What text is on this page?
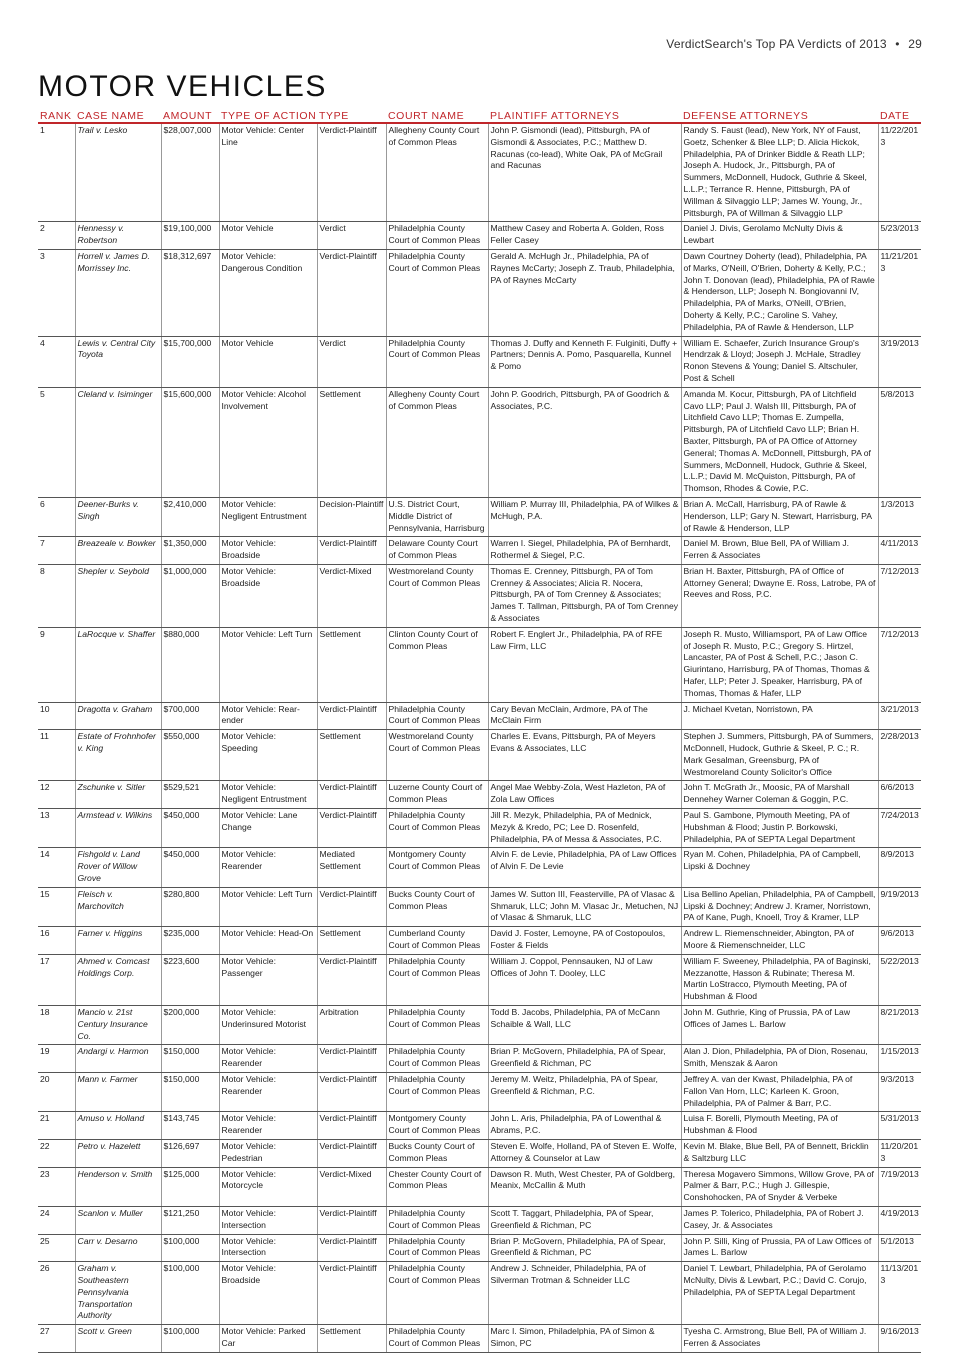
VerdictSearch's Top PA Verdicts of 2013 • 29
MOTOR VEHICLES
RANK	CASE NAME	AMOUNT	TYPE OF ACTION	TYPE	COURT NAME	PLAINTIFF ATTORNEYS	DEFENSE ATTORNEYS	DATE
1	Trail v. Lesko	$28,007,000	Motor Vehicle: Center Line	Verdict-Plaintiff	Allegheny County Court of Common Pleas	John P. Gismondi (lead), Pittsburgh, PA of Gismondi & Associates, P.C.; Matthew D. Racunas (co-lead), White Oak, PA of McGrail and Racunas	Randy S. Faust (lead), New York, NY of Faust, Goetz, Schenker & Blee LLP; D. Alicia Hickok, Philadelphia, PA of Drinker Biddle & Reath LLP; Joseph A. Hudock, Jr., Pittsburgh, PA of Summers, McDonnell, Hudock, Guthrie & Skeel, L.L.P.; Terrance R. Henne, Pittsburgh, PA of Willman & Silvaggio LLP; James W. Young, Jr., Pittsburgh, PA of Willman & Silvaggio LLP	11/22/2013
2	Hennessy v. Robertson	$19,100,000	Motor Vehicle	Verdict	Philadelphia County Court of Common Pleas	Matthew Casey and Roberta A. Golden, Ross Feller Casey	Daniel J. Divis, Gerolamo McNulty Divis & Lewbart	5/23/2013
3	Horrell v. James D. Morrissey Inc.	$18,312,697	Motor Vehicle: Dangerous Condition	Verdict-Plaintiff	Philadelphia County Court of Common Pleas	Gerald A. McHugh Jr., Philadelphia, PA of Raynes McCarty; Joseph Z. Traub, Philadelphia, PA of Raynes McCarty	Dawn Courtney Doherty (lead), Philadelphia, PA of Marks, O'Neill, O'Brien, Doherty & Kelly, P.C.; John T. Donovan (lead), Philadelphia, PA of Rawle & Henderson, LLP; Joseph N. Bongiovanni IV, Philadelphia, PA of Marks, O'Neill, O'Brien, Doherty & Kelly, P.C.; Caroline S. Vahey, Philadelphia, PA of Rawle & Henderson, LLP	11/21/2013
4	Lewis v. Central City Toyota	$15,700,000	Motor Vehicle	Verdict	Philadelphia County Court of Common Pleas	Thomas J. Duffy and Kenneth F. Fulginiti, Duffy + Partners; Dennis A. Pomo, Pasquarella, Kunnel & Pomo	William E. Schaefer, Zurich Insurance Group's Hendrzak & Lloyd; Joseph J. McHale, Stradley Ronon Stevens & Young; Daniel S. Altschuler, Post & Schell	3/19/2013
5	Cleland v. Isiminger	$15,600,000	Motor Vehicle: Alcohol Involvement	Settlement	Allegheny County Court of Common Pleas	John P. Goodrich, Pittsburgh, PA of Goodrich & Associates, P.C.	Amanda M. Kocur, Pittsburgh, PA of Litchfield Cavo LLP; Paul J. Walsh III, Pittsburgh, PA of Litchfield Cavo LLP; Thomas E. Zumpella, Pittsburgh, PA of Litchfield Cavo LLP; Brian H. Baxter, Pittsburgh, PA of PA Office of Attorney General; Thomas A. McDonnell, Pittsburgh, PA of Summers, McDonnell, Hudock, Guthrie & Skeel, L.L.P.; David M. McQuiston, Pittsburgh, PA of Thomson, Rhodes & Cowie, P.C.	5/8/2013
6	Deener-Burks v. Singh	$2,410,000	Motor Vehicle: Negligent Entrustment	Decision-Plaintiff	U.S. District Court, Middle District of Pennsylvania, Harrisburg	William P. Murray III, Philadelphia, PA of Wilkes & McHugh, P.A.	Brian A. McCall, Harrisburg, PA of Rawle & Henderson, LLP; Gary N. Stewart, Harrisburg, PA of Rawle & Henderson, LLP	1/3/2013
7	Breazeale v. Bowker	$1,350,000	Motor Vehicle: Broadside	Verdict-Plaintiff	Delaware County Court of Common Pleas	Warren I. Siegel, Philadelphia, PA of Bernhardt, Rothermel & Siegel, P.C.	Daniel M. Brown, Blue Bell, PA of William J. Ferren & Associates	4/11/2013
8	Shepler v. Seybold	$1,000,000	Motor Vehicle: Broadside	Verdict-Mixed	Westmoreland County Court of Common Pleas	Thomas E. Crenney, Pittsburgh, PA of Tom Crenney & Associates; Alicia R. Nocera, Pittsburgh, PA of Tom Crenney & Associates; James T. Tallman, Pittsburgh, PA of Tom Crenney & Associates	Brian H. Baxter, Pittsburgh, PA of Office of Attorney General; Dwayne E. Ross, Latrobe, PA of Reeves and Ross, P.C.	7/12/2013
9	LaRocque v. Shaffer	$880,000	Motor Vehicle: Left Turn	Settlement	Clinton County Court of Common Pleas	Robert F. Englert Jr., Philadelphia, PA of RFE Law Firm, LLC	Joseph R. Musto, Williamsport, PA of Law Office of Joseph R. Musto, P.C.; Gregory S. Hirtzel, Lancaster, PA of Post & Schell, P.C.; Jason C. Giurintano, Harrisburg, PA of Thomas, Thomas & Hafer, LLP; Peter J. Speaker, Harrisburg, PA of Thomas, Thomas & Hafer, LLP	7/12/2013
10	Dragotta v. Graham	$700,000	Motor Vehicle: Rear-ender	Verdict-Plaintiff	Philadelphia County Court of Common Pleas	Cary Bevan McClain, Ardmore, PA of The McClain Firm	J. Michael Kvetan, Norristown, PA	3/21/2013
11	Estate of Frohnhofer v. King	$550,000	Motor Vehicle: Speeding	Settlement	Westmoreland County Court of Common Pleas	Charles E. Evans, Pittsburgh, PA of Meyers Evans & Associates, LLC	Stephen J. Summers, Pittsburgh, PA of Summers, McDonnell, Hudock, Guthrie & Skeel, P. C.; R. Mark Gesalman, Greensburg, PA of Westmoreland County Solicitor's Office	2/28/2013
12	Zschunke v. Sitler	$529,521	Motor Vehicle: Negligent Entrustment	Verdict-Plaintiff	Luzerne County Court of Common Pleas	Angel Mae Webby-Zola, West Hazleton, PA of Zola Law Offices	John T. McGrath Jr., Moosic, PA of Marshall Dennehey Warner Coleman & Goggin, P.C.	6/6/2013
13	Armstead v. Wilkins	$450,000	Motor Vehicle: Lane Change	Verdict-Plaintiff	Philadelphia County Court of Common Pleas	Jill R. Mezyk, Philadelphia, PA of Mednick, Mezyk & Kredo, PC; Lee D. Rosenfeld, Philadelphia, PA of Messa & Associates, P.C.	Paul S. Gambone, Plymouth Meeting, PA of Hubshman & Flood; Justin P. Borkowski, Philadelphia, PA of SEPTA Legal Department	7/24/2013
14	Fishgold v. Land Rover of Willow Grove	$450,000	Motor Vehicle: Rearender	Mediated Settlement	Montgomery County Court of Common Pleas	Alvin F. de Levie, Philadelphia, PA of Law Offices of Alvin F. De Levie	Ryan M. Cohen, Philadelphia, PA of Campbell, Lipski & Dochney	8/9/2013
15	Fleisch v. Marchovitch	$280,800	Motor Vehicle: Left Turn	Verdict-Plaintiff	Bucks County Court of Common Pleas	James W. Sutton III, Feasterville, PA of Vlasac & Shmaruk, LLC; John M. Vlasac Jr., Metuchen, NJ of Vlasac & Shmaruk, LLC	Lisa Bellino Apelian, Philadelphia, PA of Campbell, Lipski & Dochney; Andrew J. Kramer, Norristown, PA of Kane, Pugh, Knoell, Troy & Kramer, LLP	9/19/2013
16	Farner v. Higgins	$235,000	Motor Vehicle: Head-On	Settlement	Cumberland County Court of Common Pleas	David J. Foster, Lemoyne, PA of Costopoulos, Foster & Fields	Andrew L. Riemenschneider, Abington, PA of Moore & Riemenschneider, LLC	9/6/2013
17	Ahmed v. Comcast Holdings Corp.	$223,600	Motor Vehicle: Passenger	Verdict-Plaintiff	Philadelphia County Court of Common Pleas	William J. Coppol, Pennsauken, NJ of Law Offices of John T. Dooley, LLC	William F. Sweeney, Philadelphia, PA of Baginski, Mezzanotte, Hasson & Rubinate; Theresa M. Martin LoStracco, Plymouth Meeting, PA of Hubshman & Flood	5/22/2013
18	Mancio v. 21st Century Insurance Co.	$200,000	Motor Vehicle: Underinsured Motorist	Arbitration	Philadelphia County Court of Common Pleas	Todd B. Jacobs, Philadelphia, PA of McCann Schaible & Wall, LLC	John M. Guthrie, King of Prussia, PA of Law Offices of James L. Barlow	8/21/2013
19	Andargi v. Harmon	$150,000	Motor Vehicle: Rearender	Verdict-Plaintiff	Philadelphia County Court of Common Pleas	Brian P. McGovern, Philadelphia, PA of Spear, Greenfield & Richman, PC	Alan J. Dion, Philadelphia, PA of Dion, Rosenau, Smith, Menszak & Aaron	1/15/2013
20	Mann v. Farmer	$150,000	Motor Vehicle: Rearender	Verdict-Plaintiff	Philadelphia County Court of Common Pleas	Jeremy M. Weitz, Philadelphia, PA of Spear, Greenfield & Richman, P.C.	Jeffrey A. van der Kwast, Philadelphia, PA of Fallon Van Horn, LLC; Karleen K. Groon, Philadelphia, PA of Palmer & Barr, P.C.	9/3/2013
21	Amuso v. Holland	$143,745	Motor Vehicle: Rearender	Verdict-Plaintiff	Montgomery County Court of Common Pleas	John L. Aris, Philadelphia, PA of Lowenthal & Abrams, P.C.	Luisa F. Borelli, Plymouth Meeting, PA of Hubshman & Flood	5/31/2013
22	Petro v. Hazelett	$126,697	Motor Vehicle: Pedestrian	Verdict-Plaintiff	Bucks County Court of Common Pleas	Steven E. Wolfe, Holland, PA of Steven E. Wolfe, Attorney & Counselor at Law	Kevin M. Blake, Blue Bell, PA of Bennett, Bricklin & Saltzburg LLC	11/20/2013
23	Henderson v. Smith	$125,000	Motor Vehicle: Motorcycle	Verdict-Mixed	Chester County Court of Common Pleas	Dawson R. Muth, West Chester, PA of Goldberg, Meanix, McCallin & Muth	Theresa Mogavero Simmons, Willow Grove, PA of Palmer & Barr, P.C.; Hugh J. Gillespie, Conshohocken, PA of Snyder & Verbeke	7/19/2013
24	Scanlon v. Muller	$121,250	Motor Vehicle: Intersection	Verdict-Plaintiff	Philadelphia County Court of Common Pleas	Scott T. Taggart, Philadelphia, PA of Spear, Greenfield & Richman, PC	James P. Tolerico, Philadelphia, PA of Robert J. Casey, Jr. & Associates	4/19/2013
25	Carr v. Desarno	$100,000	Motor Vehicle: Intersection	Verdict-Plaintiff	Philadelphia County Court of Common Pleas	Brian P. McGovern, Philadelphia, PA of Spear, Greenfield & Richman, PC	John P. Silli, King of Prussia, PA of Law Offices of James L. Barlow	5/1/2013
26	Graham v. Southeastern Pennsylvania Transportation Authority	$100,000	Motor Vehicle: Broadside	Verdict-Plaintiff	Philadelphia County Court of Common Pleas	Andrew J. Schneider, Philadelphia, PA of Silverman Trotman & Schneider LLC	Daniel T. Lewbart, Philadelphia, PA of Gerolamo McNulty, Divis & Lewbart, P.C.; David C. Corujo, Philadelphia, PA of SEPTA Legal Department	11/13/2013
27	Scott v. Green	$100,000	Motor Vehicle: Parked Car	Settlement	Philadelphia County Court of Common Pleas	Marc I. Simon, Philadelphia, PA of Simon & Simon, PC	Tyesha C. Armstrong, Blue Bell, PA of William J. Ferren & Associates	9/16/2013
